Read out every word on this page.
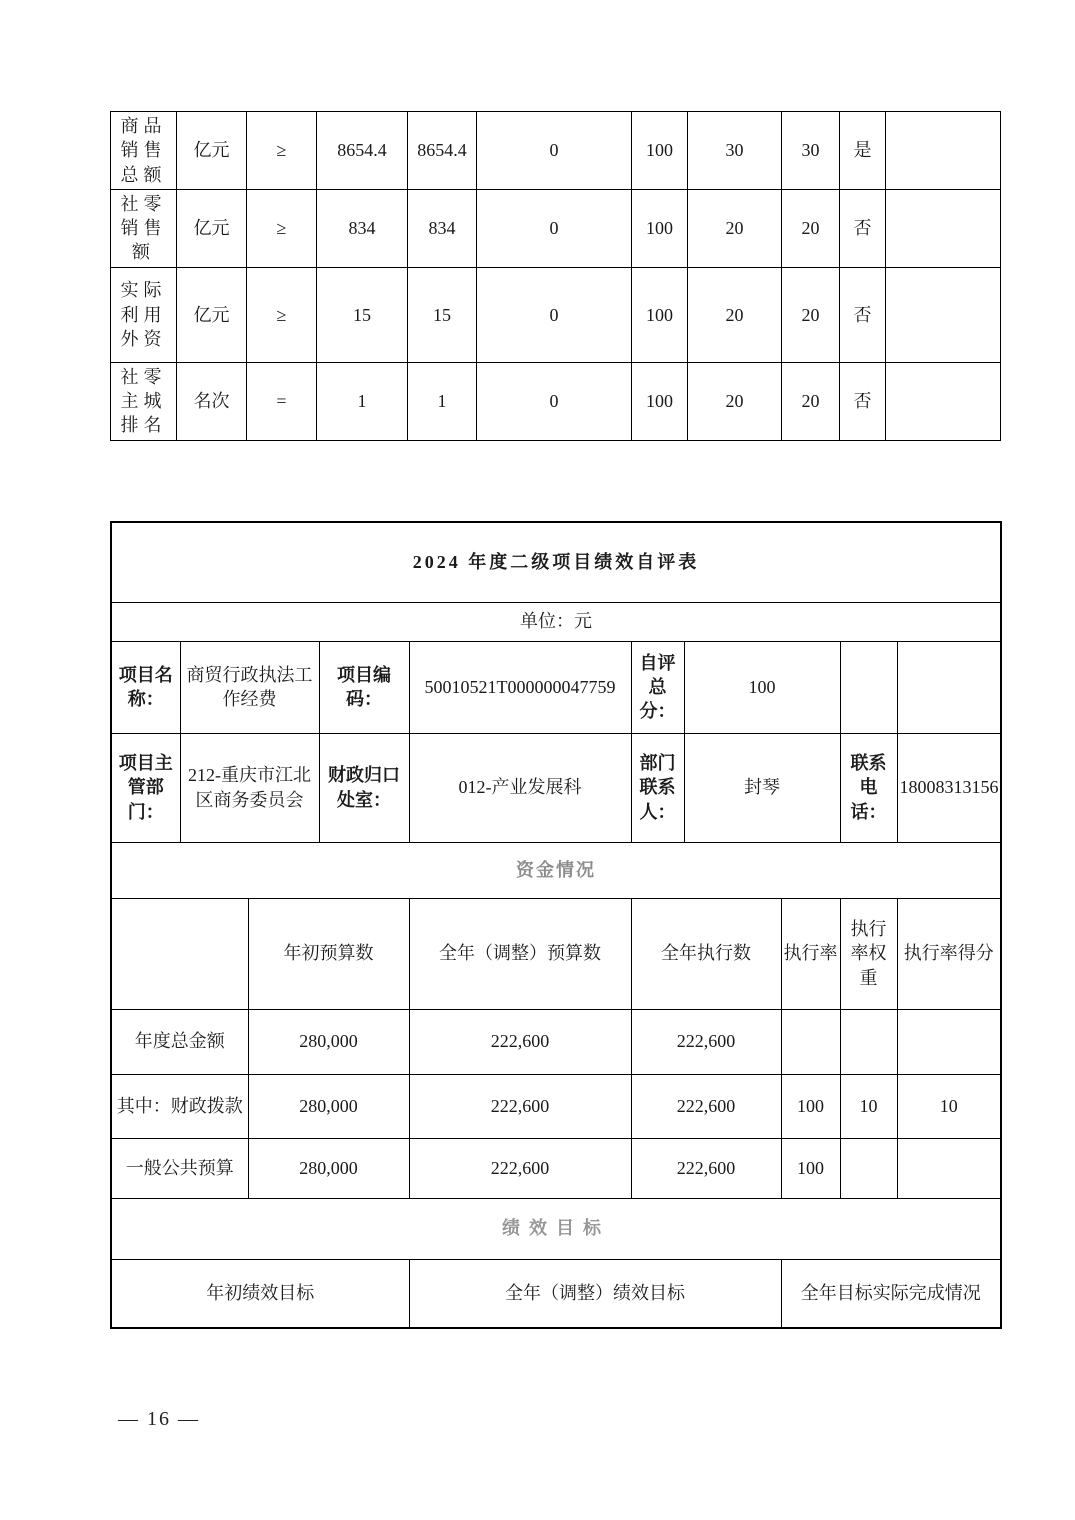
商品销售总额	亿元	≥	8654.4	8654.4	0	100	30	30	是	
社零销售额	亿元	≥	834	834	0	100	20	20	否	
实际利用外资	亿元	≥	15	15	0	100	20	20	否	
社零主城排名	名次	=	1	1	0	100	20	20	否	
2024 年度二级项目绩效自评表									
单位：元									
项目名称：	商贸行政执法工作经费		项目编码：	50010521T000000047759	自评总分：	100			
项目主管部门：	212-重庆市江北区商务委员会		财政归口处室：	012-产业发展科	部门联系人：	封琴		联系电话：	18008313156
资金情况									
		年初预算数		全年（调整）预算数	全年执行数		执行率	执行率权重	执行率得分
年度总金额		280,000		222,600	222,600				
其中：财政拨款		280,000		222,600	222,600		100	10	10
一般公共预算		280,000		222,600	222,600		100		
绩效目标									
年初绩效目标				全年（调整）绩效目标			全年目标实际完成情况		
— 16 —
